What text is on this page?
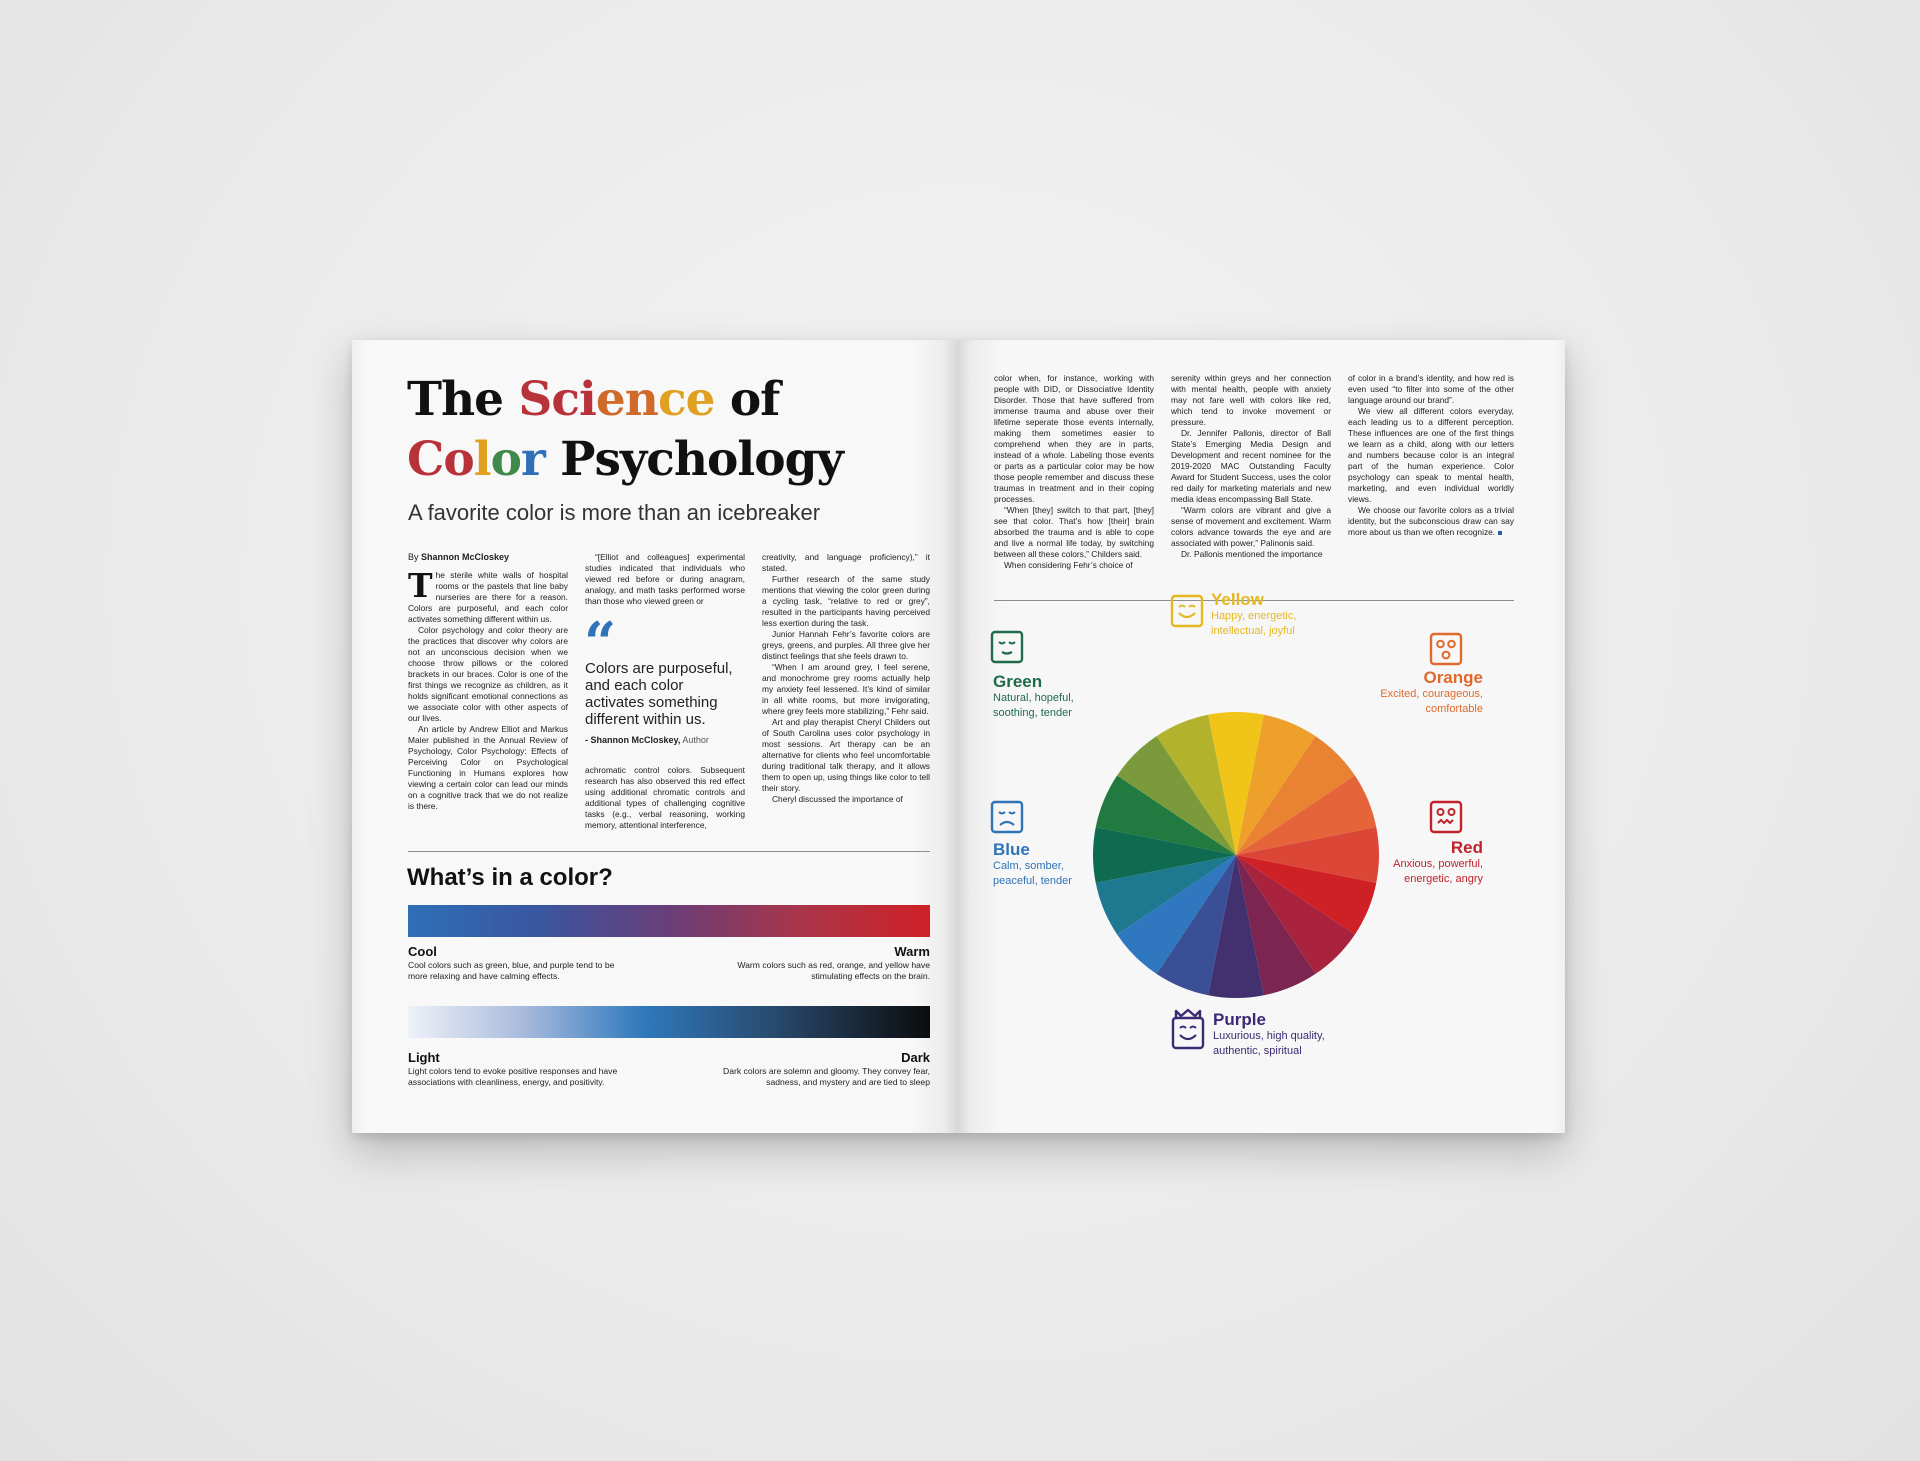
The Science of
Color Psychology
A favorite color is more than an icebreaker
By Shannon McCloskey

The sterile white walls of hospital rooms or the pastels that line baby nurseries are there for a reason. Colors are purposeful, and each color activates something different within us.

Color psychology and color theory are the practices that discover why colors are not an unconscious decision when we choose throw pillows or the colored brackets in our braces. Color is one of the first things we recognize as children, as it holds significant emotional connections as we associate color with other aspects of our lives.

An article by Andrew Elliot and Markus Maier published in the Annual Review of Psychology, Color Psychology: Effects of Perceiving Color on Psychological Functioning in Humans explores how viewing a certain color can lead our minds on a cognitive track that we do not realize is there.

“[Elliot and colleagues] experimental studies indicated that individuals who viewed red before or during anagram, analogy, and math tasks performed worse than those who viewed green or

“
Colors are purposeful, and each color activates something different within us.
- Shannon McCloskey, Author

achromatic control colors. Subsequent research has also observed this red effect using additional chromatic controls and additional types of challenging cognitive tasks (e.g., verbal reasoning, working memory, attentional interference,

creativity, and language proficiency),” it stated.

Further research of the same study mentions that viewing the color green during a cycling task, “relative to red or grey”, resulted in the participants having perceived less exertion during the task.

Junior Hannah Fehr’s favorite colors are greys, greens, and purples. All three give her distinct feelings that she feels drawn to.

“When I am around grey, I feel serene, and monochrome grey rooms actually help my anxiety feel lessened. It’s kind of similar in all white rooms, but more invigorating, where grey feels more stabilizing,” Fehr said.

Art and play therapist Cheryl Childers out of South Carolina uses color psychology in most sessions. Art therapy can be an alternative for clients who feel uncomfortable during traditional talk therapy, and it allows them to open up, using things like color to tell their story.

Cheryl discussed the importance of

What’s in a color?
Cool
Cool colors such as green, blue, and purple tend to be more relaxing and have calming effects.
Warm
Warm colors such as red, orange, and yellow have stimulating effects on the brain.
Light
Light colors tend to evoke positive responses and have associations with cleanliness, energy, and positivity.
Dark
Dark colors are solemn and gloomy. They convey fear, sadness, and mystery and are tied to sleep

color when, for instance, working with people with DID, or Dissociative Identity Disorder. Those that have suffered from immense trauma and abuse over their lifetime seperate those events internally, making them sometimes easier to comprehend when they are in parts, instead of a whole. Labeling those events or parts as a particular color may be how those people remember and discuss these traumas in treatment and in their coping processes.

“When [they] switch to that part, [they] see that color. That’s how [their] brain absorbed the trauma and is able to cope and live a normal life today, by switching between all these colors,” Childers said.

When considering Fehr’s choice of

serenity within greys and her connection with mental health, people with anxiety may not fare well with colors like red, which tend to invoke movement or pressure.

Dr. Jennifer Pallonis, director of Ball State’s Emerging Media Design and Development and recent nominee for the 2019-2020 MAC Outstanding Faculty Award for Student Success, uses the color red daily for marketing materials and new media ideas encompassing Ball State.

“Warm colors are vibrant and give a sense of movement and excitement. Warm colors advance towards the eye and are associated with power,” Palinonis said.

Dr. Pallonis mentioned the importance

of color in a brand’s identity, and how red is even used “to filter into some of the other language around our brand”.

We view all different colors everyday, each leading us to a different perception. These influences are one of the first things we learn as a child, along with our letters and numbers because color is an integral part of the human experience. Color psychology can speak to mental health, marketing, and even individual worldly views.

We choose our favorite colors as a trivial identity, but the subconscious draw can say more about us than we often recognize.

Yellow
Happy, energetic,
intellectual, joyful
Orange
Excited, courageous,
comfortable
Red
Anxious, powerful,
energetic, angry
Purple
Luxurious, high quality,
authentic, spiritual
Blue
Calm, somber,
peaceful, tender
Green
Natural, hopeful,
soothing, tender
